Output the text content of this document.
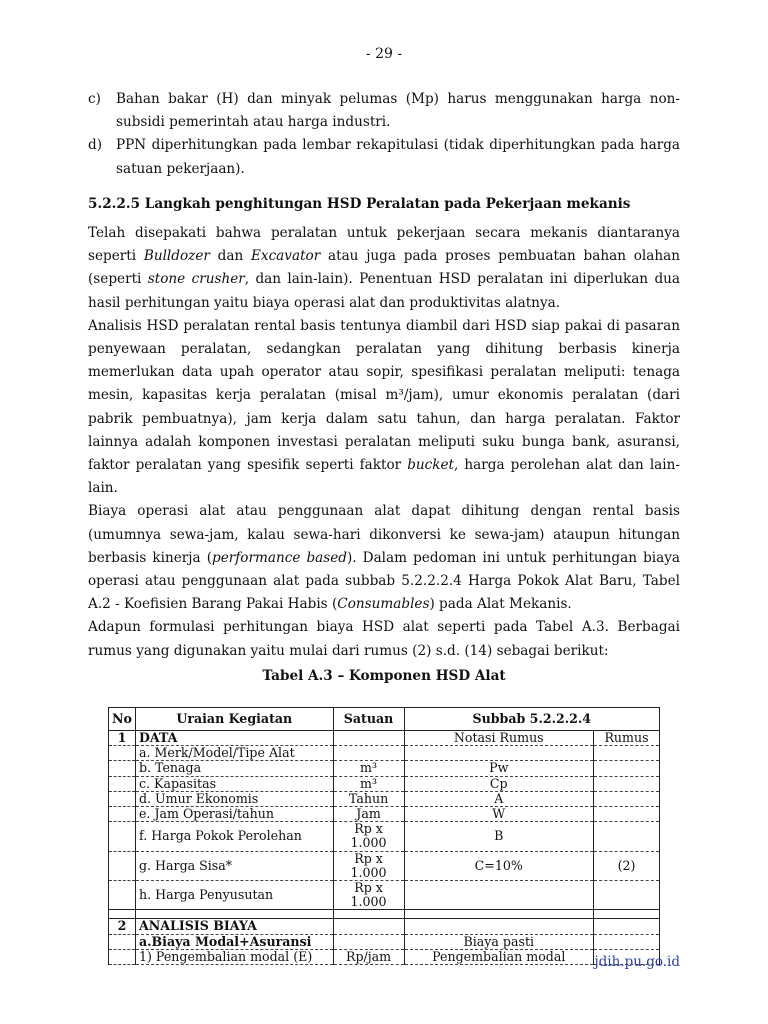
- 29 -
c)	Bahan bakar (H) dan minyak pelumas (Mp) harus menggunakan harga non-subsidi pemerintah atau harga industri.
d)	PPN diperhitungkan pada lembar rekapitulasi (tidak diperhitungkan pada harga satuan pekerjaan).
5.2.2.5 Langkah penghitungan HSD Peralatan pada Pekerjaan mekanis

Telah disepakati bahwa peralatan untuk pekerjaan secara mekanis diantaranya seperti Bulldozer dan Excavator atau juga pada proses pembuatan bahan olahan (seperti stone crusher, dan lain-lain). Penentuan HSD peralatan ini diperlukan dua hasil perhitungan yaitu biaya operasi alat dan produktivitas alatnya.

Analisis HSD peralatan rental basis tentunya diambil dari HSD siap pakai di pasaran penyewaan peralatan, sedangkan peralatan yang dihitung berbasis kinerja memerlukan data upah operator atau sopir, spesifikasi peralatan meliputi: tenaga mesin, kapasitas kerja peralatan (misal m³/jam), umur ekonomis peralatan (dari pabrik pembuatnya), jam kerja dalam satu tahun, dan harga peralatan. Faktor lainnya adalah komponen investasi peralatan meliputi suku bunga bank, asuransi, faktor peralatan yang spesifik seperti faktor bucket, harga perolehan alat dan lain-lain.

Biaya operasi alat atau penggunaan alat dapat dihitung dengan rental basis (umumnya sewa-jam, kalau sewa-hari dikonversi ke sewa-jam) ataupun hitungan berbasis kinerja (performance based). Dalam pedoman ini untuk perhitungan biaya operasi atau penggunaan alat pada subbab 5.2.2.2.4 Harga Pokok Alat Baru, Tabel A.2 - Koefisien Barang Pakai Habis (Consumables) pada Alat Mekanis.

Adapun formulasi perhitungan biaya HSD alat seperti pada Tabel A.3. Berbagai rumus yang digunakan yaitu mulai dari rumus (2) s.d. (14) sebagai berikut:

Tabel A.3 – Komponen HSD Alat
No	Uraian Kegiatan	Satuan	Subbab 5.2.2.2.4	
1	DATA		Notasi Rumus	Rumus
	a. Merk/Model/Tipe Alat			
	b. Tenaga	m³	Pw	
	c. Kapasitas	m³	Cp	
	d. Umur Ekonomis	Tahun	A	
	e. Jam Operasi/tahun	Jam	W	
	f. Harga Pokok Perolehan	Rp x 1.000	B	
	g. Harga Sisa*	Rp x 1.000	C=10%	(2)
	h. Harga Penyusutan	Rp x 1.000		

2	ANALISIS BIAYA			
	a.Biaya Modal+Asuransi		Biaya pasti	
	1) Pengembalian modal (E)	Rp/jam	Pengembalian modal		jdih.pu.go.id
